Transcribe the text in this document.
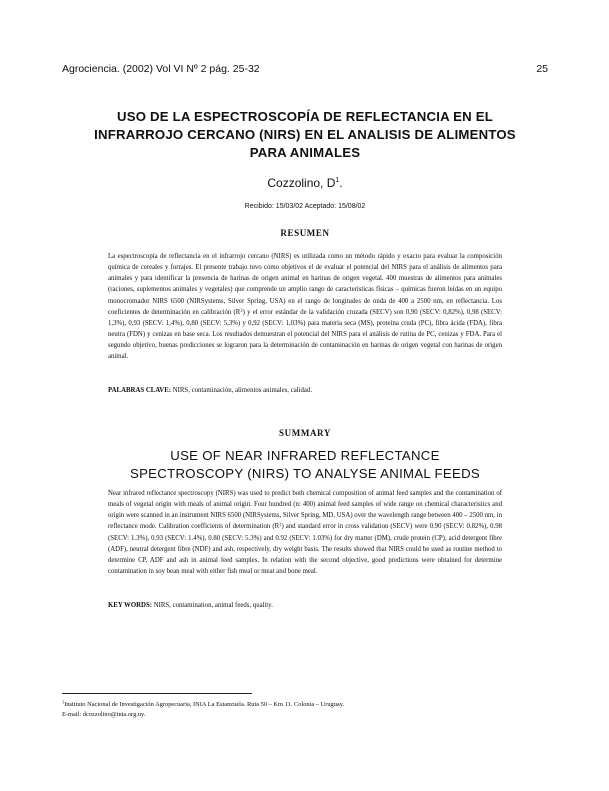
Agrociencia. (2002) Vol VI Nº 2 pág. 25-32	25
USO DE LA ESPECTROSCOPÍA DE REFLECTANCIA EN EL
INFRARROJO CERCANO (NIRS) EN EL ANALISIS DE ALIMENTOS
PARA ANIMALES
Cozzolino, $D^1$.
Recibido: 15/03/02 Aceptado: 15/08/02
RESUMEN

La espectroscopía de reflectancia en el infrarrojo cercano (NIRS) es utilizada como un método rápido y exacto para evaluar la composición química de cereales y forrajes. El presente trabajo tuvo como objetivos el de evaluar el potencial del NIRS para el análisis de alimentos para animales y para identificar la presencia de harinas de origen animal en harinas de origen vegetal. 400 muestras de alimentos para animales (raciones, suplementos animales y vegetales) que comprende un amplio rango de características físicas – químicas fueron leídas en un equipo monocromador NIRS 6500 (NIRSystems, Silver Spring, USA) en el rango de longitudes de onda de 400 a 2500 nm, en reflectancia. Los coeficientes de determinación en calibración $(R^2)$ y el error estándar de la validación cruzada (SECV) son 0,90 (SECV: 0,82%), 0,98 (SECV: 1,3%), 0,93 (SECV: 1,4%), 0,80 (SECV: 5,3%) y 0,92 (SECV: 1,03%) para materia seca (MS), proteína cruda (PC), fibra ácida (FDA), fibra neutra (FDN) y cenizas en base seca. Los resultados demuestran el potencial del NIRS para el análisis de rutina de PC, cenizas y FDA. Para el segundo objetivo, buenas predicciones se lograron para la determinación de contaminación en harinas de origen vegetal con harinas de origen animal.

PALABRAS CLAVE: NIRS, contaminación, alimentos animales, calidad.
SUMMARY
USE OF NEAR INFRARED REFLECTANCE
SPECTROSCOPY (NIRS) TO ANALYSE ANIMAL FEEDS

Near infrared reflectance spectroscopy (NIRS) was used to predict both chemical composition of animal feed samples and the contamination of meals of vegetal origin with meals of animal origin. Four hundred (n: 400) animal feed samples of wide range on chemical characteristics and origin were scanned in an instrument NIRS 6500 (NIRSystems, Silver Spring, MD, USA) over the wavelength range between 400 – 2500 nm, in reflectance mode. Calibration coefficients of determination $(R^2)$ and standard error in cross validation (SECV) were 0.90 (SECV: 0.82%), 0.98 (SECV: 1.3%), 0.93 (SECV: 1.4%), 0.80 (SECV: 5.3%) and 0.92 (SECV: 1.03%) for dry matter (DM), crude protein (CP), acid detergent fibre (ADF), neutral detergent fibre (NDF) and ash, respectively, dry weight basis. The results showed that NIRS could be used as routine method to determine CP, ADF and ash in animal feed samples. In relation with the second objective, good predictions were obtained for determine contamination in soy bean meal with either fish meal or meat and bone meal.

KEY WORDS: NIRS, contamination, animal feeds, quality.
$^1$Instituto Nacional de Investigación Agropecuaria, INIA La Estanzuela. Ruta 50 – Km 11. Colonia – Uruguay.
E-mail: dcozzolino@inia.org.uy.
